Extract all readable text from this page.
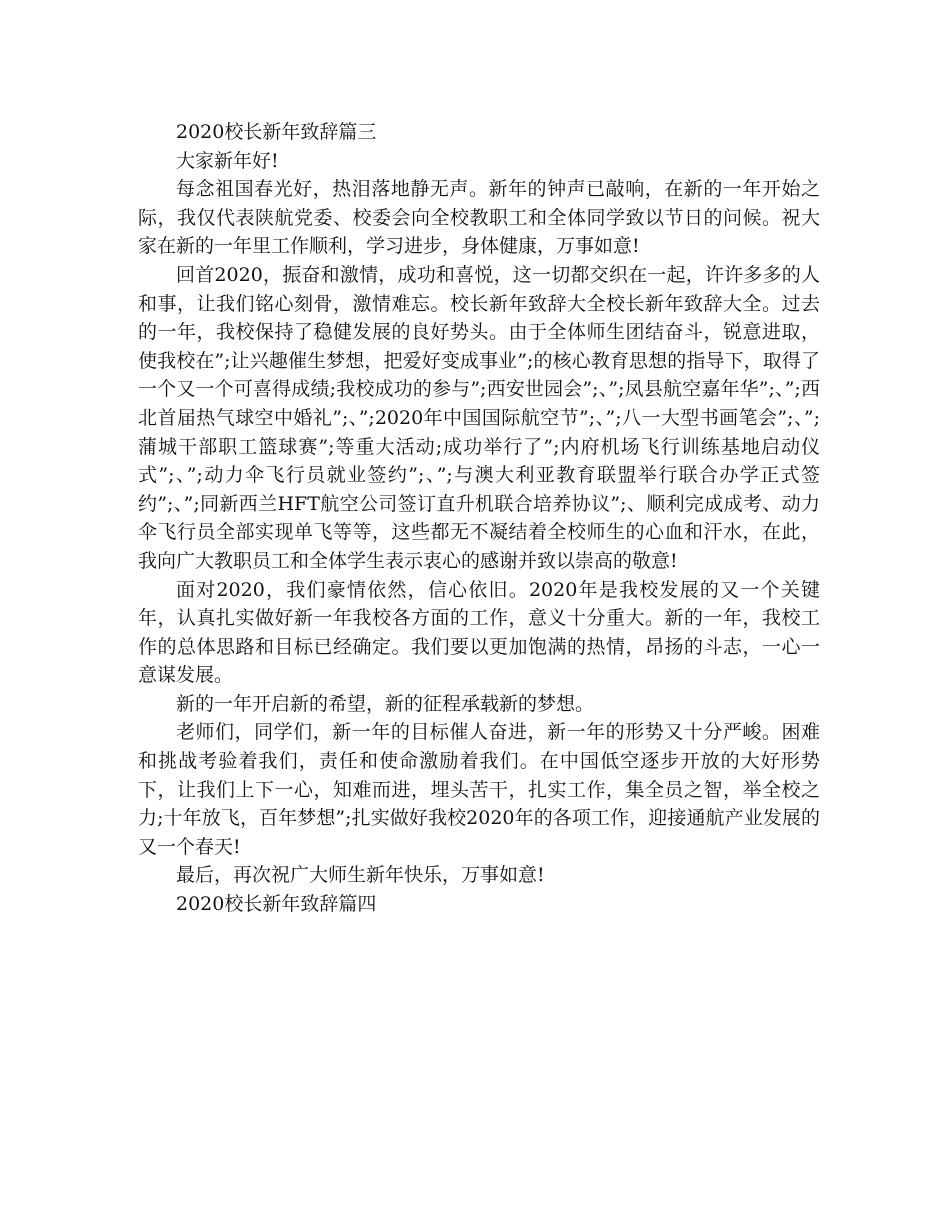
2020校长新年致辞篇三

大家新年好!

每念祖国春光好，热泪落地静无声。新年的钟声已敲响，在新的一年开始之际，我仅代表陕航党委、校委会向全校教职工和全体同学致以节日的问候。祝大家在新的一年里工作顺利，学习进步，身体健康，万事如意!

回首2020，振奋和激情，成功和喜悦，这一切都交织在一起，许许多多的人和事，让我们铭心刻骨，激情难忘。校长新年致辞大全校长新年致辞大全。过去的一年，我校保持了稳健发展的良好势头。由于全体师生团结奋斗，锐意进取，使我校在”;让兴趣催生梦想，把爱好变成事业”;的核心教育思想的指导下，取得了一个又一个可喜得成绩;我校成功的参与”;西安世园会”;、”;凤县航空嘉年华”;、”;西北首届热气球空中婚礼”;、”;2020年中国国际航空节”;、”;八一大型书画笔会”;、”;蒲城干部职工篮球赛”;等重大活动;成功举行了”;内府机场飞行训练基地启动仪式”;、”;动力伞飞行员就业签约”;、”;与澳大利亚教育联盟举行联合办学正式签约”;、”;同新西兰HFT航空公司签订直升机联合培养协议”;、顺利完成成考、动力伞飞行员全部实现单飞等等，这些都无不凝结着全校师生的心血和汗水，在此，我向广大教职员工和全体学生表示衷心的感谢并致以崇高的敬意!

面对2020，我们豪情依然，信心依旧。2020年是我校发展的又一个关键年，认真扎实做好新一年我校各方面的工作，意义十分重大。新的一年，我校工作的总体思路和目标已经确定。我们要以更加饱满的热情，昂扬的斗志，一心一意谋发展。

新的一年开启新的希望，新的征程承载新的梦想。

老师们，同学们，新一年的目标催人奋进，新一年的形势又十分严峻。困难和挑战考验着我们，责任和使命激励着我们。在中国低空逐步开放的大好形势下，让我们上下一心，知难而进，埋头苦干，扎实工作，集全员之智，举全校之力;十年放飞，百年梦想”;扎实做好我校2020年的各项工作，迎接通航产业发展的又一个春天!

最后，再次祝广大师生新年快乐，万事如意!

2020校长新年致辞篇四
